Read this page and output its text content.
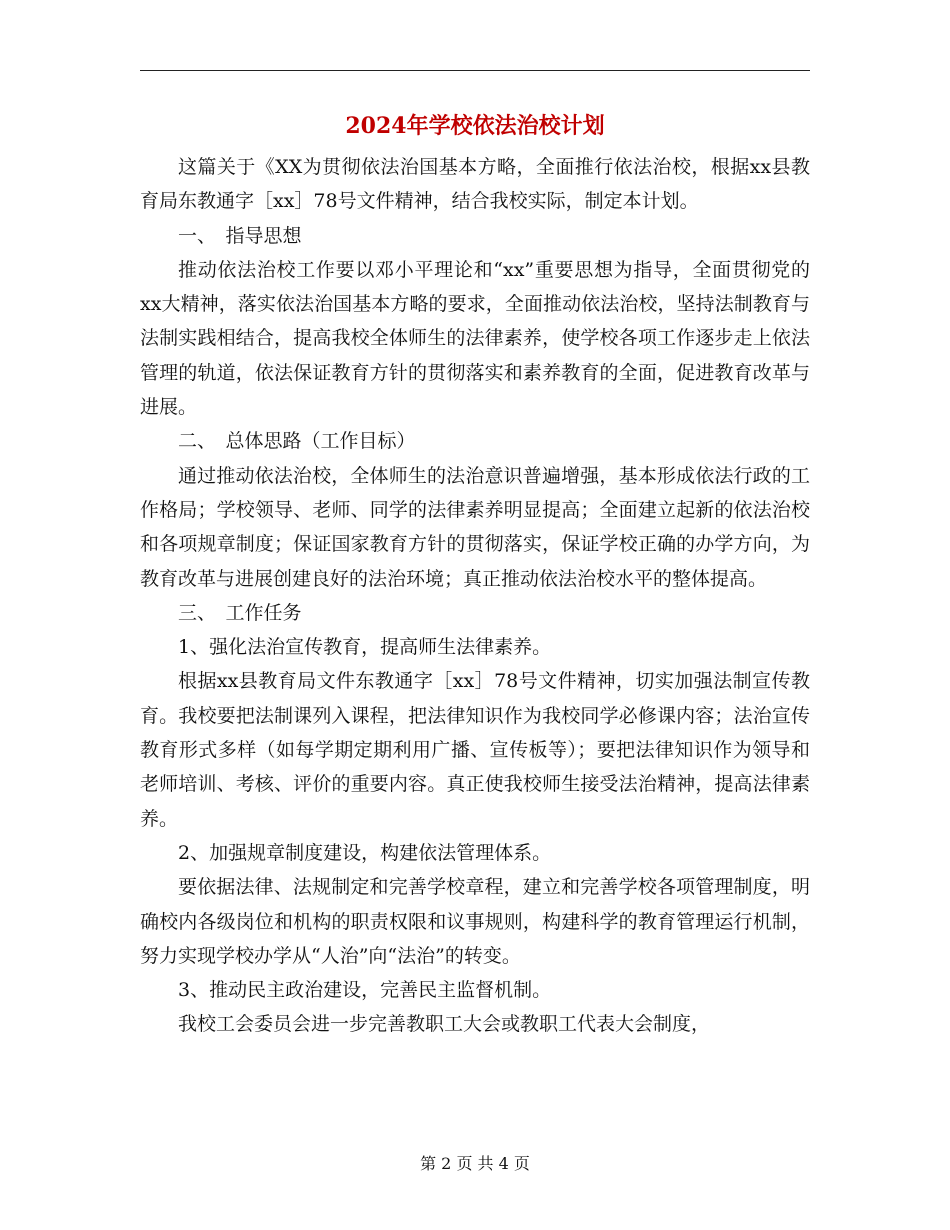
2024年学校依法治校计划

这篇关于《XX为贯彻依法治国基本方略，全面推行依法治校，根据xx县教育局东教通字［xx］78号文件精神，结合我校实际，制定本计划。

一、　指导思想

推动依法治校工作要以邓小平理论和“xx”重要思想为指导，全面贯彻党的xx大精神，落实依法治国基本方略的要求，全面推动依法治校，坚持法制教育与法制实践相结合，提高我校全体师生的法律素养，使学校各项工作逐步走上依法管理的轨道，依法保证教育方针的贯彻落实和素养教育的全面，促进教育改革与进展。

二、　总体思路（工作目标）

通过推动依法治校，全体师生的法治意识普遍增强，基本形成依法行政的工作格局；学校领导、老师、同学的法律素养明显提高；全面建立起新的依法治校和各项规章制度；保证国家教育方针的贯彻落实，保证学校正确的办学方向，为教育改革与进展创建良好的法治环境；真正推动依法治校水平的整体提高。

三、　工作任务

1、强化法治宣传教育，提高师生法律素养。

根据xx县教育局文件东教通字［xx］78号文件精神，切实加强法制宣传教育。我校要把法制课列入课程，把法律知识作为我校同学必修课内容；法治宣传教育形式多样（如每学期定期利用广播、宣传板等）；要把法律知识作为领导和老师培训、考核、评价的重要内容。真正使我校师生接受法治精神，提高法律素养。

2、加强规章制度建设，构建依法管理体系。

要依据法律、法规制定和完善学校章程，建立和完善学校各项管理制度，明确校内各级岗位和机构的职责权限和议事规则，构建科学的教育管理运行机制，努力实现学校办学从“人治”向“法治”的转变。

3、推动民主政治建设，完善民主监督机制。

我校工会委员会进一步完善教职工大会或教职工代表大会制度，

第 2 页 共 4 页
